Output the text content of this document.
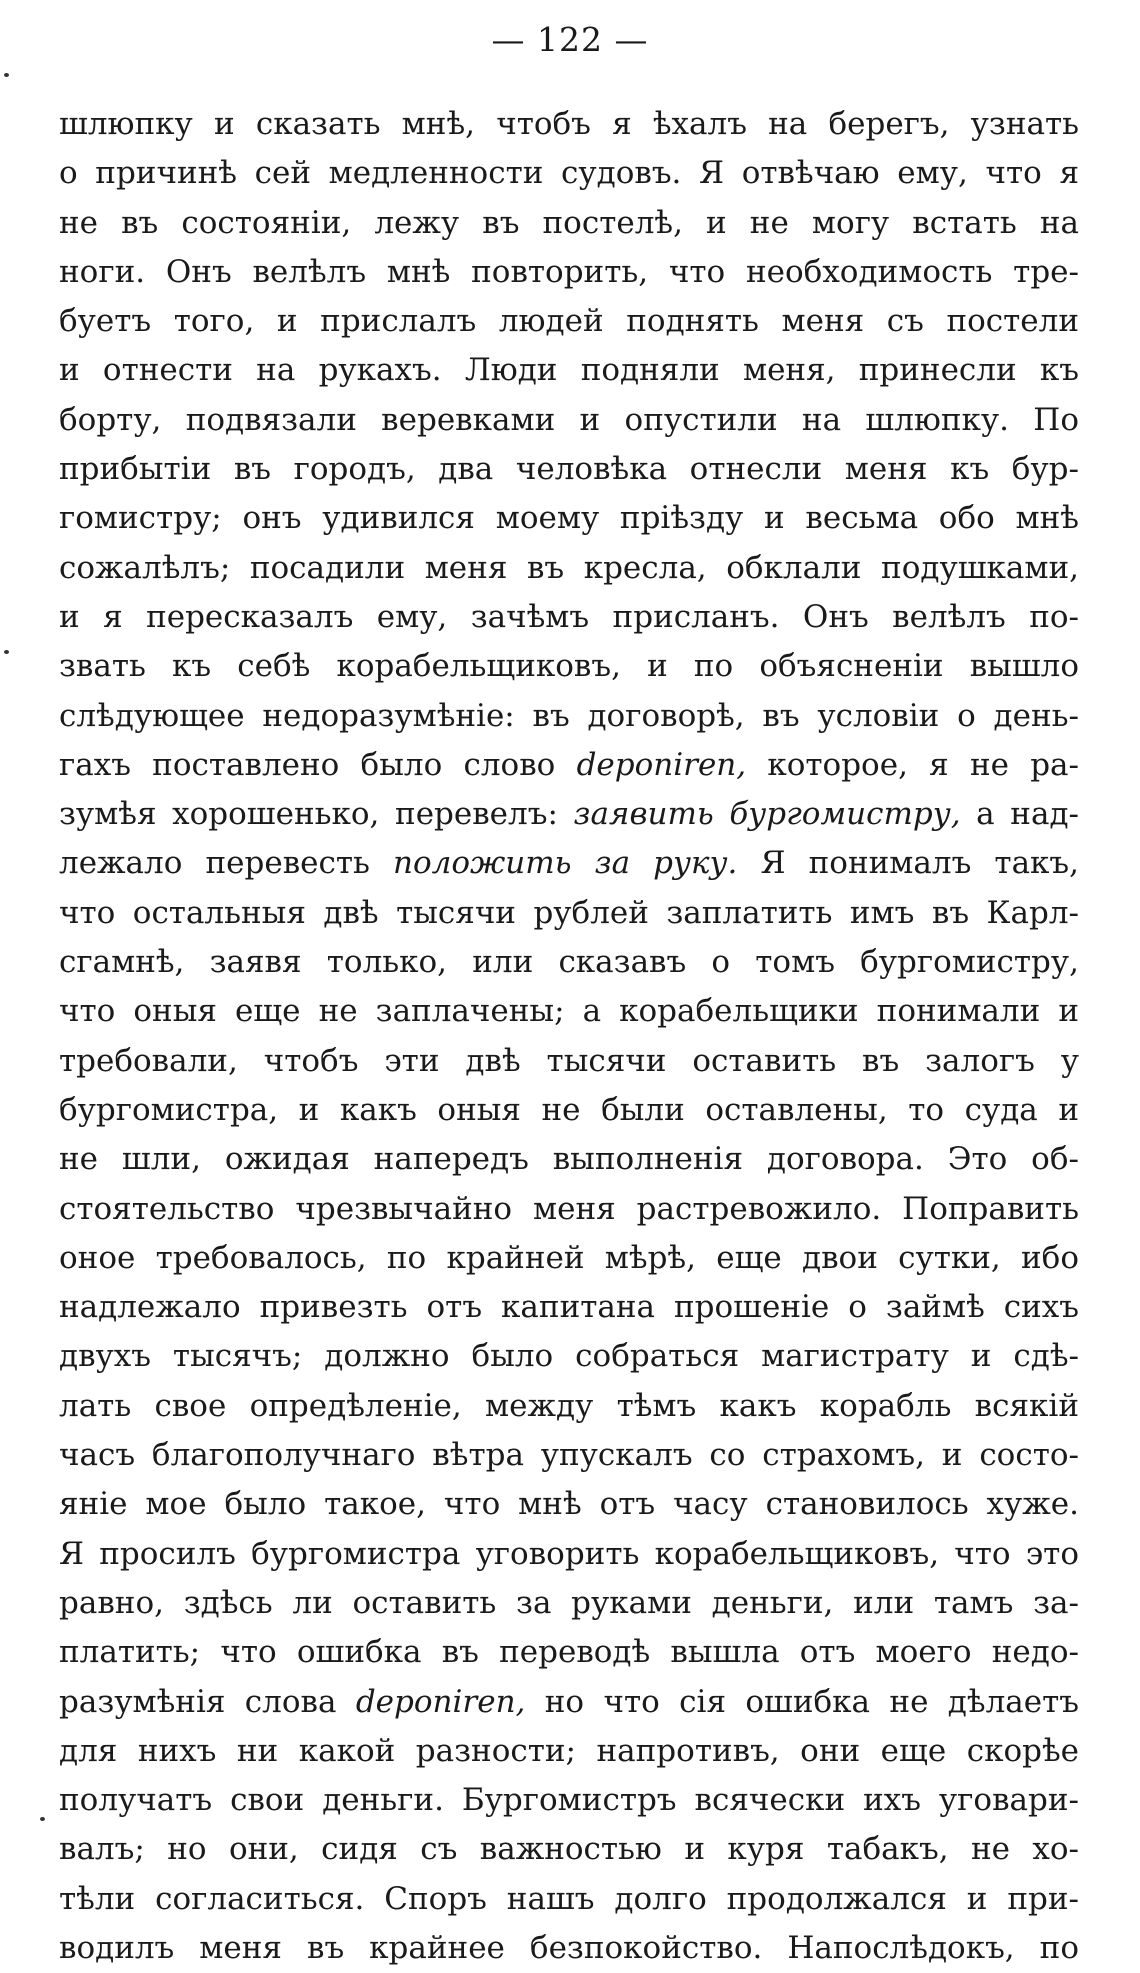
— 122 —
шлюпку и сказать мнѣ, чтобъ я ѣхалъ на берегъ, узнать
о причинѣ сей медленности судовъ. Я отвѣчаю ему, что я
не въ состояніи, лежу въ постелѣ, и не могу встать на
ноги. Онъ велѣлъ мнѣ повторить, что необходимость тре-
буетъ того, и прислалъ людей поднять меня съ постели
и отнести на рукахъ. Люди подняли меня, принесли къ
борту, подвязали веревками и опустили на шлюпку. По
прибытіи въ городъ, два человѣка отнесли меня къ бур-
гомистру; онъ удивился моему пріѣзду и весьма обо мнѣ
сожалѣлъ; посадили меня въ кресла, обклали подушками,
и я пересказалъ ему, зачѣмъ присланъ. Онъ велѣлъ по-
звать къ себѣ корабельщиковъ, и по объясненіи вышло
слѣдующее недоразумѣніе: въ договорѣ, въ условіи о день-
гахъ поставлено было слово deponiren, которое, я не ра-
зумѣя хорошенько, перевелъ: заявить бургомистру, а над-
лежало перевесть положить за руку. Я понималъ такъ,
что остальныя двѣ тысячи рублей заплатить имъ въ Карл-
сгамнѣ, заявя только, или сказавъ о томъ бургомистру,
что оныя еще не заплачены; а корабельщики понимали и
требовали, чтобъ эти двѣ тысячи оставить въ залогъ у
бургомистра, и какъ оныя не были оставлены, то суда и
не шли, ожидая напередъ выполненія договора. Это об-
стоятельство чрезвычайно меня растревожило. Поправить
оное требовалось, по крайней мѣрѣ, еще двои сутки, ибо
надлежало привезть отъ капитана прошеніе о займѣ сихъ
двухъ тысячъ; должно было собраться магистрату и сдѣ-
лать свое опредѣленіе, между тѣмъ какъ корабль всякій
часъ благополучнаго вѣтра упускалъ со страхомъ, и состо-
яніе мое было такое, что мнѣ отъ часу становилось хуже.
Я просилъ бургомистра уговорить корабельщиковъ, что это
равно, здѣсь ли оставить за руками деньги, или тамъ за-
платить; что ошибка въ переводѣ вышла отъ моего недо-
разумѣнія слова deponiren, но что сія ошибка не дѣлаетъ
для нихъ ни какой разности; напротивъ, они еще скорѣе
получатъ свои деньги. Бургомистръ всячески ихъ уговари-
валъ; но они, сидя съ важностью и куря табакъ, не хо-
тѣли согласиться. Споръ нашъ долго продолжался и при-
водилъ меня въ крайнее безпокойство. Напослѣдокъ, по
